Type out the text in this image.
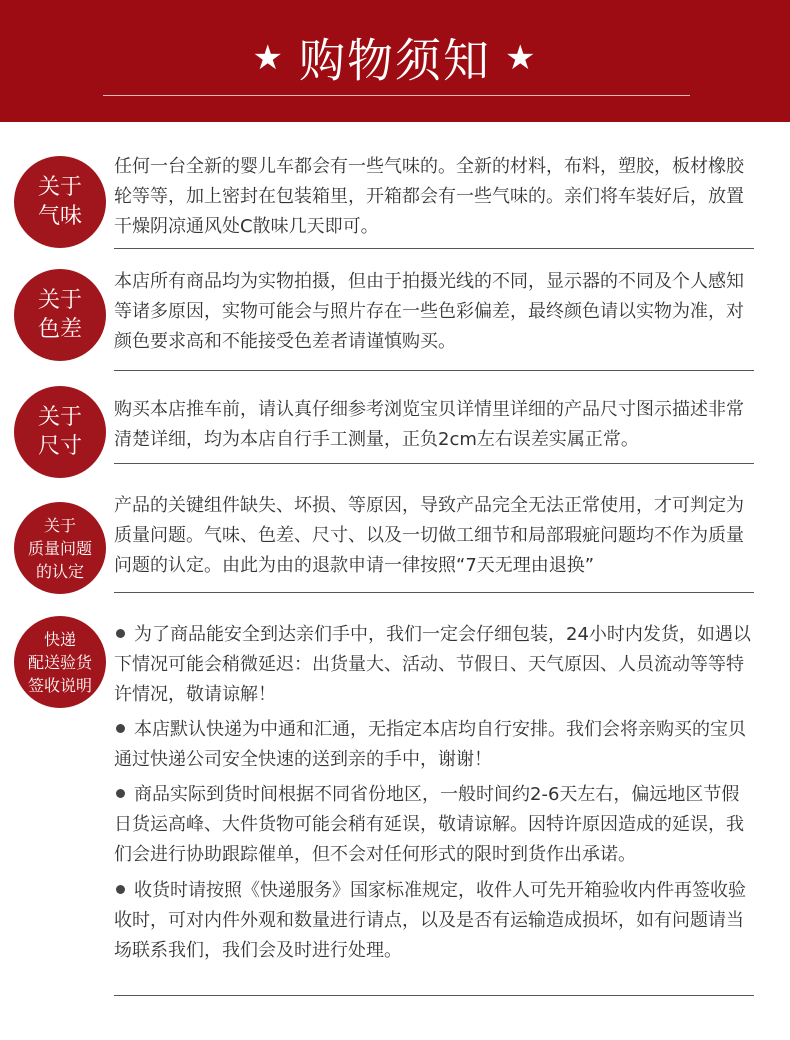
★ 购物须知 ★
关于
气味

任何一台全新的婴儿车都会有一些气味的。全新的材料，布料，塑胶，板材橡胶轮等等，加上密封在包装箱里，开箱都会有一些气味的。亲们将车装好后，放置干燥阴凉通风处C散味几天即可。

关于
色差

本店所有商品均为实物拍摄，但由于拍摄光线的不同，显示器的不同及个人感知等诸多原因，实物可能会与照片存在一些色彩偏差，最终颜色请以实物为准，对颜色要求高和不能接受色差者请谨慎购买。

关于
尺寸

购买本店推车前，请认真仔细参考浏览宝贝详情里详细的产品尺寸图示描述非常清楚详细，均为本店自行手工测量，正负2cm左右误差实属正常。

关于
质量问题
的认定

产品的关键组件缺失、坏损、等原因，导致产品完全无法正常使用，才可判定为质量问题。气味、色差、尺寸、以及一切做工细节和局部瑕疵问题均不作为质量问题的认定。由此为由的退款申请一律按照“7天无理由退换”

快递
配送验货
签收说明

为了商品能安全到达亲们手中，我们一定会仔细包装，24小时内发货，如遇以下情况可能会稍微延迟：出货量大、活动、节假日、天气原因、人员流动等等特许情况，敬请谅解！

本店默认快递为中通和汇通，无指定本店均自行安排。我们会将亲购买的宝贝通过快递公司安全快速的送到亲的手中，谢谢！

商品实际到货时间根据不同省份地区，一般时间约2-6天左右，偏远地区节假日货运高峰、大件货物可能会稍有延误，敬请谅解。因特许原因造成的延误，我们会进行协助跟踪催单，但不会对任何形式的限时到货作出承诺。

收货时请按照《快递服务》国家标准规定，收件人可先开箱验收内件再签收验收时，可对内件外观和数量进行请点，以及是否有运输造成损坏，如有问题请当场联系我们，我们会及时进行处理。
